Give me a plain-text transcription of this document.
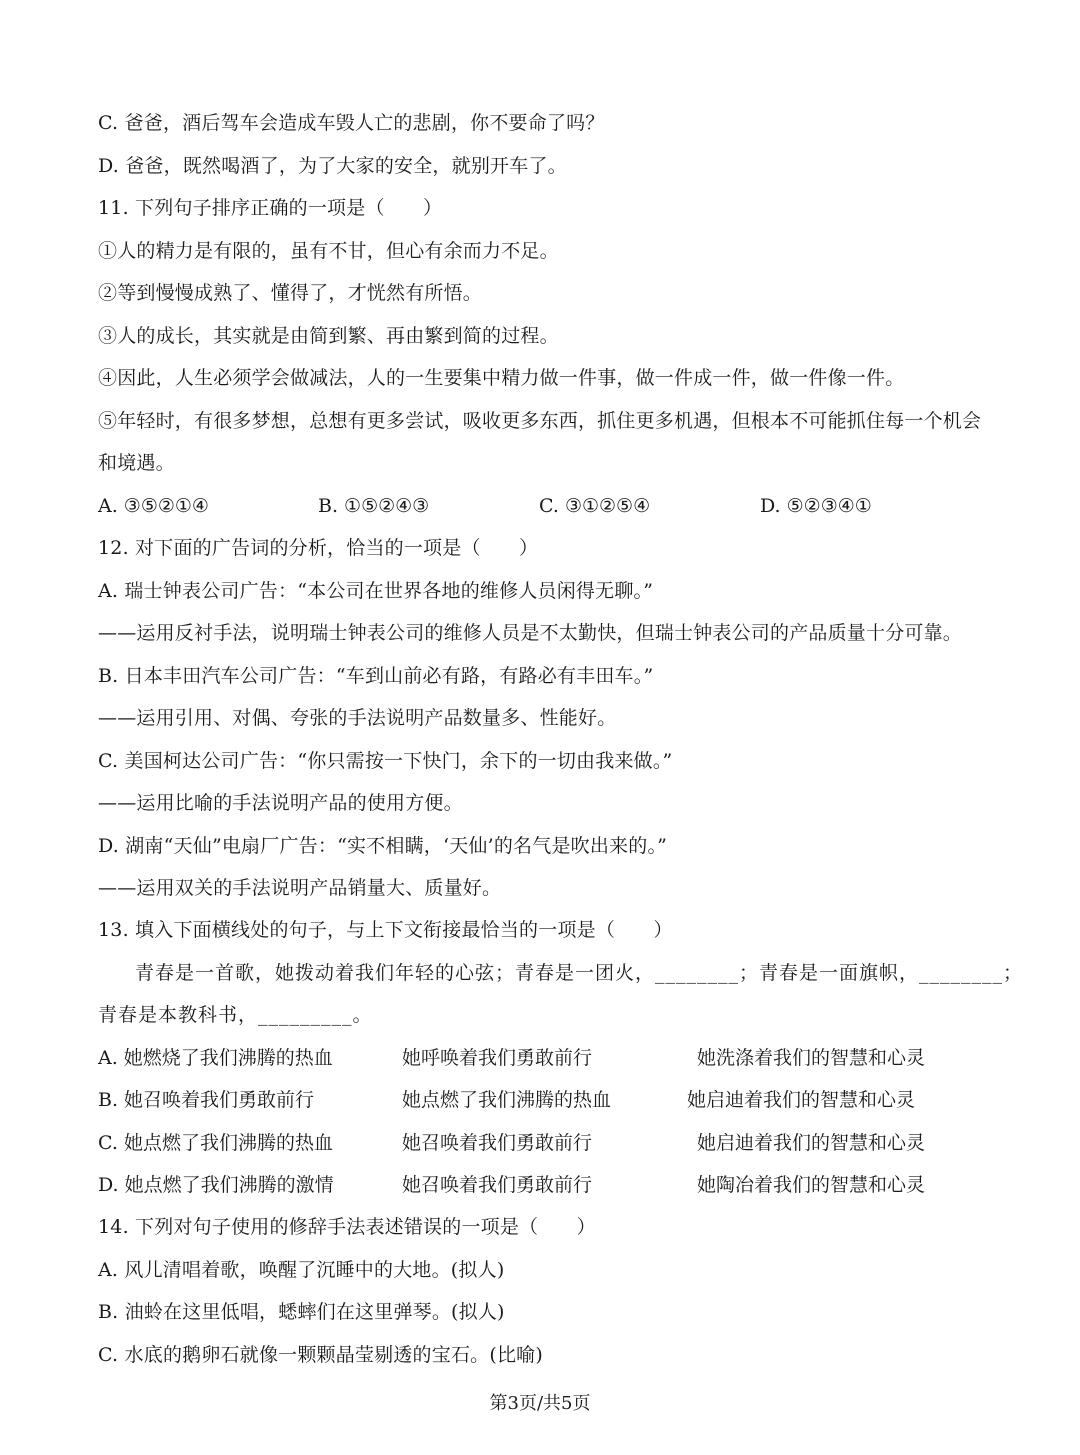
C. 爸爸，酒后驾车会造成车毁人亡的悲剧，你不要命了吗？
D. 爸爸，既然喝酒了，为了大家的安全，就别开车了。
11. 下列句子排序正确的一项是（　　）
①人的精力是有限的，虽有不甘，但心有余而力不足。
②等到慢慢成熟了、懂得了，才恍然有所悟。
③人的成长，其实就是由简到繁、再由繁到简的过程。
④因此，人生必须学会做减法，人的一生要集中精力做一件事，做一件成一件，做一件像一件。
⑤年轻时，有很多梦想，总想有更多尝试，吸收更多东西，抓住更多机遇，但根本不可能抓住每一个机会
和境遇。
A. ③⑤②①④	B. ①⑤②④③	C. ③①②⑤④	D. ⑤②③④①
12. 对下面的广告词的分析，恰当的一项是（　　）
A. 瑞士钟表公司广告：“本公司在世界各地的维修人员闲得无聊。”
——运用反衬手法，说明瑞士钟表公司的维修人员是不太勤快，但瑞士钟表公司的产品质量十分可靠。
B. 日本丰田汽车公司广告：“车到山前必有路，有路必有丰田车。”
——运用引用、对偶、夸张的手法说明产品数量多、性能好。
C. 美国柯达公司广告：“你只需按一下快门，余下的一切由我来做。”
——运用比喻的手法说明产品的使用方便。
D. 湖南“天仙”电扇厂广告：“实不相瞒，‘天仙’的名气是吹出来的。”
——运用双关的手法说明产品销量大、质量好。
13. 填入下面横线处的句子，与上下文衔接最恰当的一项是（　　）
青春是一首歌，她拨动着我们年轻的心弦；青春是一团火，________；青春是一面旗帜，________；
青春是本教科书，_________。
A. 她燃烧了我们沸腾的热血	她呼唤着我们勇敢前行	她洗涤着我们的智慧和心灵
B. 她召唤着我们勇敢前行	她点燃了我们沸腾的热血	她启迪着我们的智慧和心灵
C. 她点燃了我们沸腾的热血	她召唤着我们勇敢前行	她启迪着我们的智慧和心灵
D. 她点燃了我们沸腾的激情	她召唤着我们勇敢前行	她陶冶着我们的智慧和心灵
14. 下列对句子使用的修辞手法表述错误的一项是（　　）
A. 风儿清唱着歌，唤醒了沉睡中的大地。(拟人)
B. 油蛉在这里低唱，蟋蟀们在这里弹琴。(拟人)
C. 水底的鹅卵石就像一颗颗晶莹剔透的宝石。(比喻)
第3页/共5页
